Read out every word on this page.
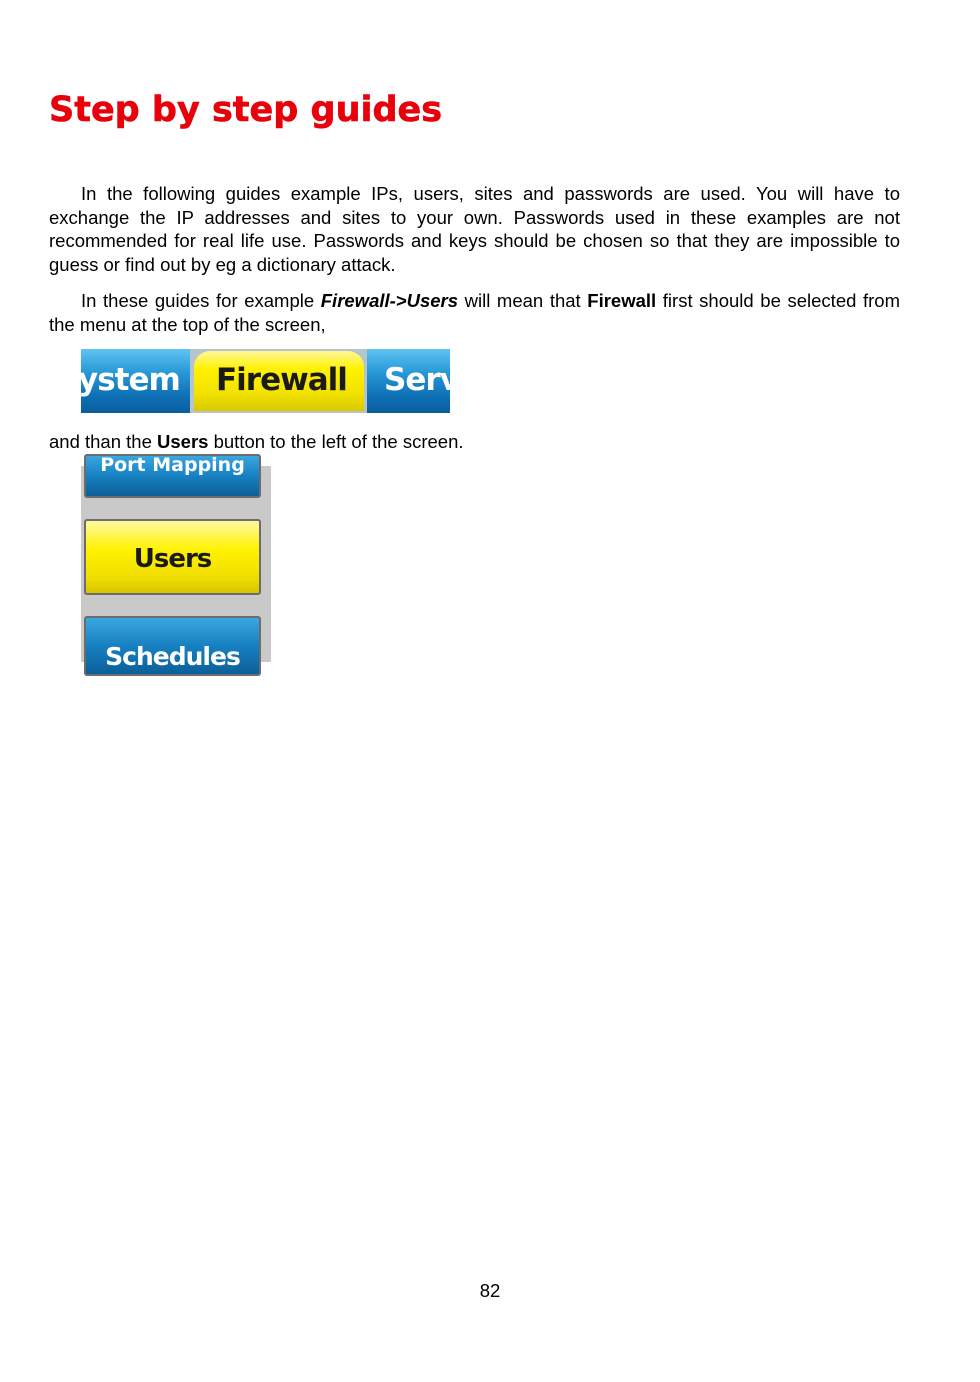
Step by step guides

In the following guides example IPs, users, sites and passwords are used. You will have to exchange the IP addresses and sites to your own. Passwords used in these examples are not recommended for real life use. Passwords and keys should be chosen so that they are impossible to guess or find out by eg a dictionary attack.

In these guides for example Firewall->Users will mean that Firewall first should be selected from the menu at the top of the screen,

ystem Firewall Serv

and than the Users button to the left of the screen.

Port Mapping
Users
Schedules
82
